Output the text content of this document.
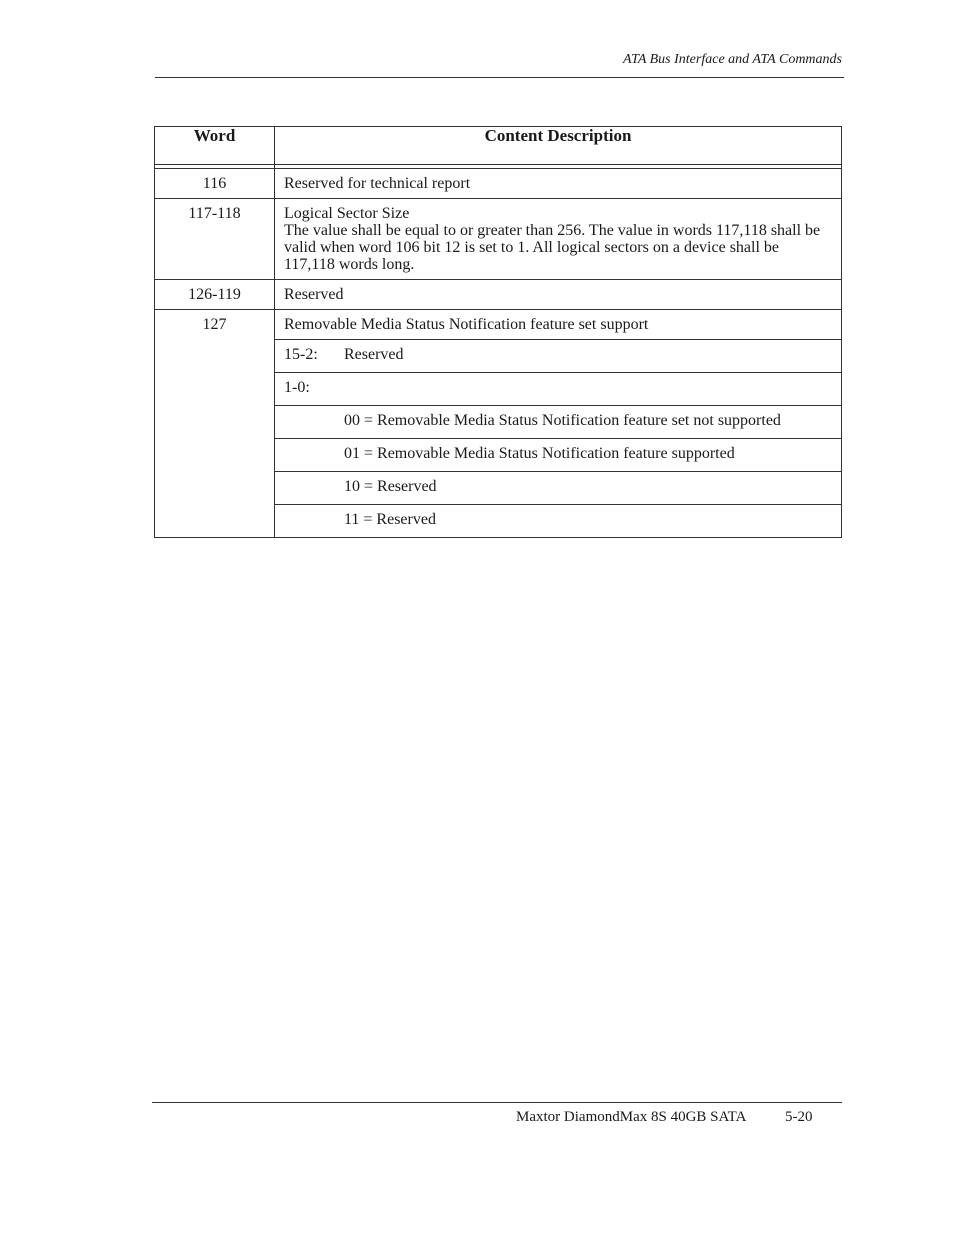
ATA Bus Interface and ATA Commands
Word	Content Description

116	Reserved for technical report
117-118	Logical Sector Size
The value shall be equal to or greater than 256. The value in words 117,118 shall be valid when word 106 bit 12 is set to 1. All logical sectors on a device shall be 117,118 words long.

126-119	Reserved
127	Removable Media Status Notification feature set support
	15-2: Reserved
	1-0:

	00 = Removable Media Status Notification feature set not supported

	01 = Removable Media Status Notification feature supported

	10 = Reserved

	11 = Reserved
Maxtor DiamondMax 8S 40GB SATA	5-20
